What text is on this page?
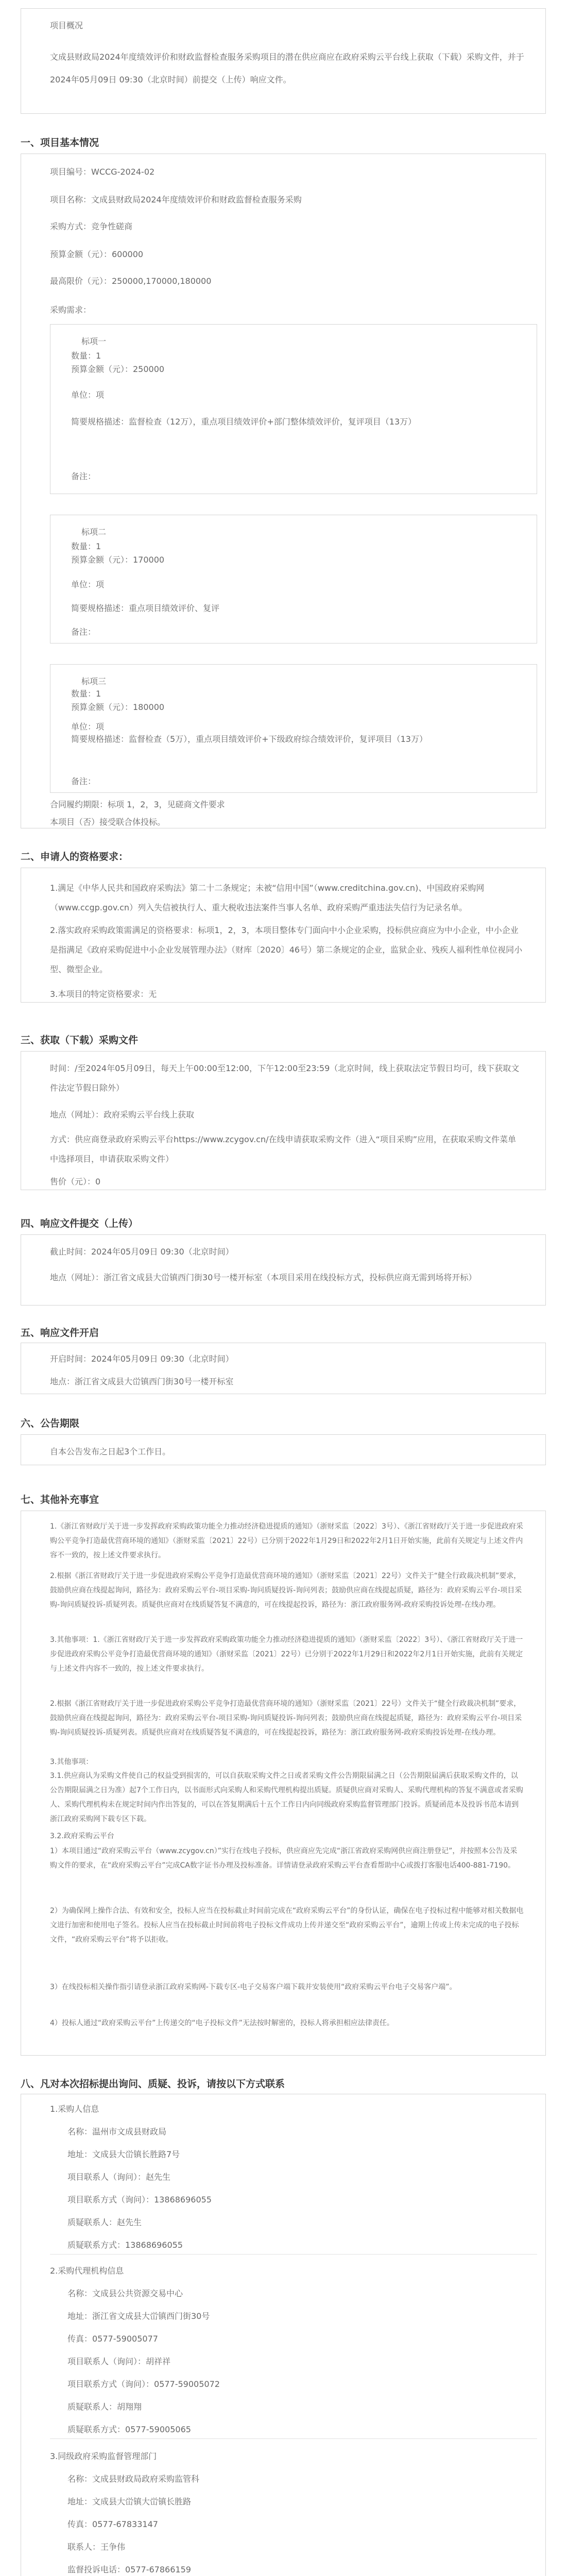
项目概况
文成县财政局2024年度绩效评价和财政监督检查服务采购项目的潜在供应商应在政府采购云平台线上获取（下载）采购文件，并于2024年05月09日 09:30（北京时间）前提交（上传）响应文件。
一、项目基本情况
项目编号：WCCG-2024-02
项目名称：文成县财政局2024年度绩效评价和财政监督检查服务采购
采购方式：竞争性磋商
预算金额（元）：600000
最高限价（元）：250000,170000,180000
采购需求：
标项一
数量：1
预算金额（元）：250000
单位：项
简要规格描述：监督检查（12万），重点项目绩效评价+部门整体绩效评价，复评项目（13万）
备注：
标项二
数量：1
预算金额（元）：170000
单位：项
简要规格描述：重点项目绩效评价、复评
备注：
标项三
数量：1
预算金额（元）：180000
单位：项
简要规格描述：监督检查（5万），重点项目绩效评价+下级政府综合绩效评价，复评项目（13万）
备注：
合同履约期限：标项 1，2，3，见磋商文件要求
本项目（否）接受联合体投标。
二、申请人的资格要求：
1.满足《中华人民共和国政府采购法》第二十二条规定；未被“信用中国”（www.creditchina.gov.cn)、中国政府采购网（www.ccgp.gov.cn）列入失信被执行人、重大税收违法案件当事人名单、政府采购严重违法失信行为记录名单。
2.落实政府采购政策需满足的资格要求：标项1，2，3，本项目整体专门面向中小企业采购，投标供应商应为中小企业，中小企业是指满足《政府采购促进中小企业发展管理办法》（财库〔2020〕46号）第二条规定的企业，监狱企业、残疾人福利性单位视同小型、微型企业。
3.本项目的特定资格要求：无
三、获取（下载）采购文件
时间：/至2024年05月09日，每天上午00:00至12:00，下午12:00至23:59（北京时间，线上获取法定节假日均可，线下获取文件法定节假日除外）
地点（网址）：政府采购云平台线上获取
方式：供应商登录政府采购云平台https://www.zcygov.cn/在线申请获取采购文件（进入“项目采购”应用，在获取采购文件菜单中选择项目，申请获取采购文件）
售价（元）：0
四、响应文件提交（上传）
截止时间：2024年05月09日 09:30（北京时间）
地点（网址）：浙江省文成县大峃镇西门街30号一楼开标室（本项目采用在线投标方式，投标供应商无需到场将开标）
五、响应文件开启
开启时间：2024年05月09日 09:30（北京时间）
地点：浙江省文成县大峃镇西门街30号一楼开标室
六、公告期限
自本公告发布之日起3个工作日。
七、其他补充事宜
1.《浙江省财政厅关于进一步发挥政府采购政策功能全力推动经济稳进提质的通知》（浙财采监〔2022〕3号）、《浙江省财政厅关于进一步促进政府采购公平竞争打造最优营商环境的通知》（浙财采监〔2021〕22号）已分别于2022年1月29日和2022年2月1日开始实施，此前有关规定与上述文件内容不一致的，按上述文件要求执行。
2.根据《浙江省财政厅关于进一步促进政府采购公平竞争打造最优营商环境的通知》（浙财采监〔2021〕22号）文件关于“健全行政裁决机制”要求，鼓励供应商在线提起询问，路径为：政府采购云平台-项目采购-询问质疑投诉-询问列表；鼓励供应商在线提起质疑，路径为：政府采购云平台-项目采购-询问质疑投诉-质疑列表。质疑供应商对在线质疑答复不满意的，可在线提起投诉，路径为：浙江政府服务网-政府采购投诉处理-在线办理。
3.其他事项：1.《浙江省财政厅关于进一步发挥政府采购政策功能全力推动经济稳进提质的通知》（浙财采监〔2022〕3号）、《浙江省财政厅关于进一步促进政府采购公平竞争打造最优营商环境的通知》（浙财采监〔2021〕22号）已分别于2022年1月29日和2022年2月1日开始实施，此前有关规定与上述文件内容不一致的，按上述文件要求执行。
2.根据《浙江省财政厅关于进一步促进政府采购公平竞争打造最优营商环境的通知》（浙财采监〔2021〕22号）文件关于“健全行政裁决机制”要求，鼓励供应商在线提起询问，路径为：政府采购云平台-项目采购-询问质疑投诉-询问列表；鼓励供应商在线提起质疑，路径为：政府采购云平台-项目采购-询问质疑投诉-质疑列表。质疑供应商对在线质疑答复不满意的，可在线提起投诉，路径为：浙江政府服务网-政府采购投诉处理-在线办理。
3.其他事项：
3.1.供应商认为采购文件使自己的权益受到损害的，可以自获取采购文件之日或者采购文件公告期限届满之日（公告期限届满后获取采购文件的，以公告期限届满之日为准）起7个工作日内，以书面形式向采购人和采购代理机构提出质疑。质疑供应商对采购人、采购代理机构的答复不满意或者采购人、采购代理机构未在规定时间内作出答复的，可以在答复期满后十五个工作日内向同级政府采购监督管理部门投诉。质疑函范本及投诉书范本请到浙江政府采购网下载专区下载。
3.2.政府采购云平台
1）本项目通过“政府采购云平台（www.zcygov.cn）”实行在线电子投标，供应商应先完成“浙江省政府采购网供应商注册登记”，并按照本公告及采购文件的要求，在“政府采购云平台”完成CA数字证书办理及投标准备。详情请登录政府采购云平台查看帮助中心或拨打客服电话400-881-7190。
2）为确保网上操作合法、有效和安全，投标人应当在投标截止时间前完成在“政府采购云平台”的身份认证，确保在电子投标过程中能够对相关数据电文进行加密和使用电子签名。投标人应当在投标截止时间前将电子投标文件成功上传并递交至“政府采购云平台”，逾期上传或上传未完成的电子投标文件，“政府采购云平台”将予以拒收。
3）在线投标相关操作指引请登录浙江政府采购网-下载专区-电子交易客户端下载并安装使用“政府采购云平台电子交易客户端”。
4）投标人通过“政府采购云平台”上传递交的“电子投标文件”无法按时解密的，投标人将承担相应法律责任。
八、凡对本次招标提出询问、质疑、投诉，请按以下方式联系
1.采购人信息
名称：温州市文成县财政局
地址：文成县大峃镇长胜路7号
项目联系人（询问）：赵先生
项目联系方式（询问）：13868696055
质疑联系人：赵先生
质疑联系方式：13868696055
2.采购代理机构信息
名称：文成县公共资源交易中心
地址：浙江省文成县大峃镇西门街30号
传真：0577-59005077
项目联系人（询问）：胡祥祥
项目联系方式（询问）：0577-59005072
质疑联系人：胡翔翔
质疑联系方式：0577-59005065
3.同级政府采购监督管理部门
名称：文成县财政局政府采购监管科
地址：文成县大峃镇大峃镇长胜路
传真：0577-67833147
联系人：王争伟
监督投诉电话：0577-67866159
